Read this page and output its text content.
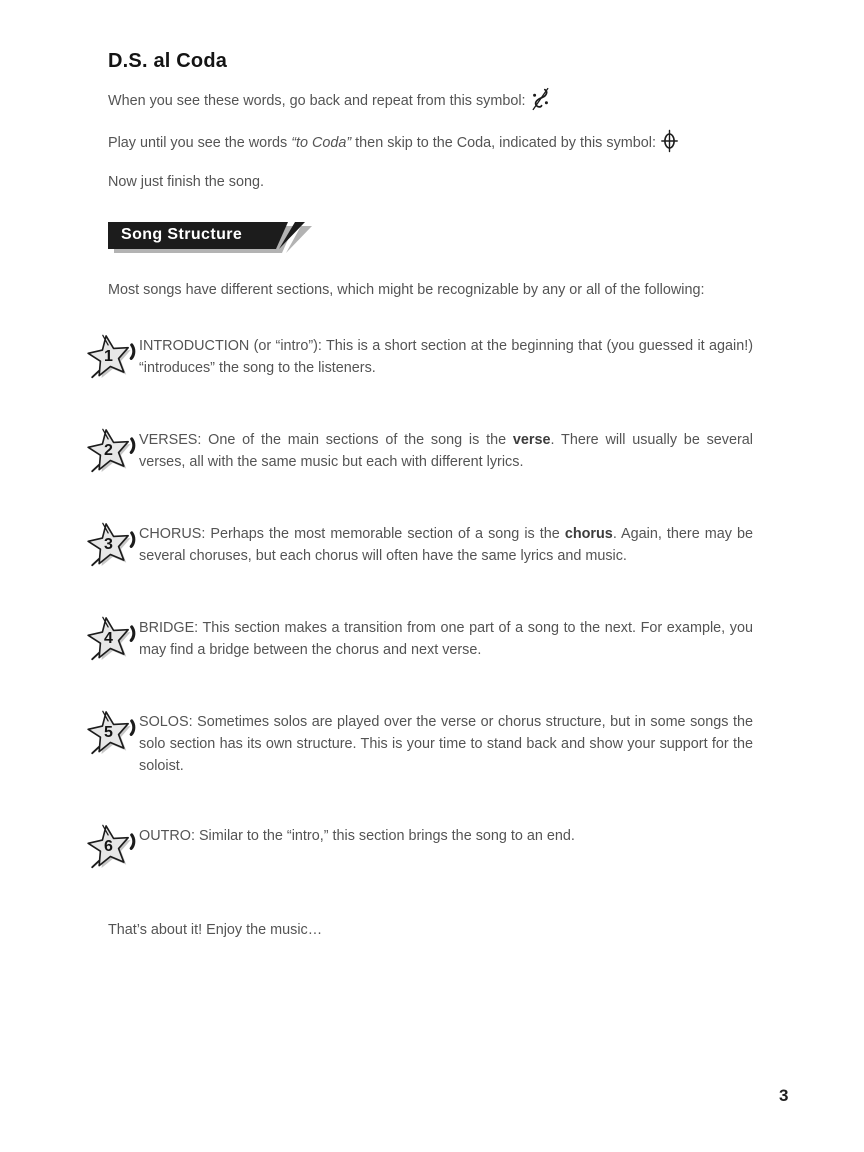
D.S. al Coda

When you see these words, go back and repeat from this symbol:

Play until you see the words “to Coda” then skip to the Coda, indicated by this symbol:

Now just finish the song.

Song Structure

Most songs have different sections, which might be recognizable by any or all of the following:

1

INTRODUCTION (or “intro”): This is a short section at the beginning that (you guessed it again!) “introduces” the song to the listeners.

2

VERSES: One of the main sections of the song is the verse. There will usually be several verses, all with the same music but each with different lyrics.

3

CHORUS: Perhaps the most memorable section of a song is the chorus. Again, there may be several choruses, but each chorus will often have the same lyrics and music.

4

BRIDGE: This section makes a transition from one part of a song to the next. For example, you may find a bridge between the chorus and next verse.

5

SOLOS: Sometimes solos are played over the verse or chorus structure, but in some songs the solo section has its own structure. This is your time to stand back and show your support for the soloist.

6

OUTRO: Similar to the “intro,” this section brings the song to an end.

That’s about it! Enjoy the music…

3
